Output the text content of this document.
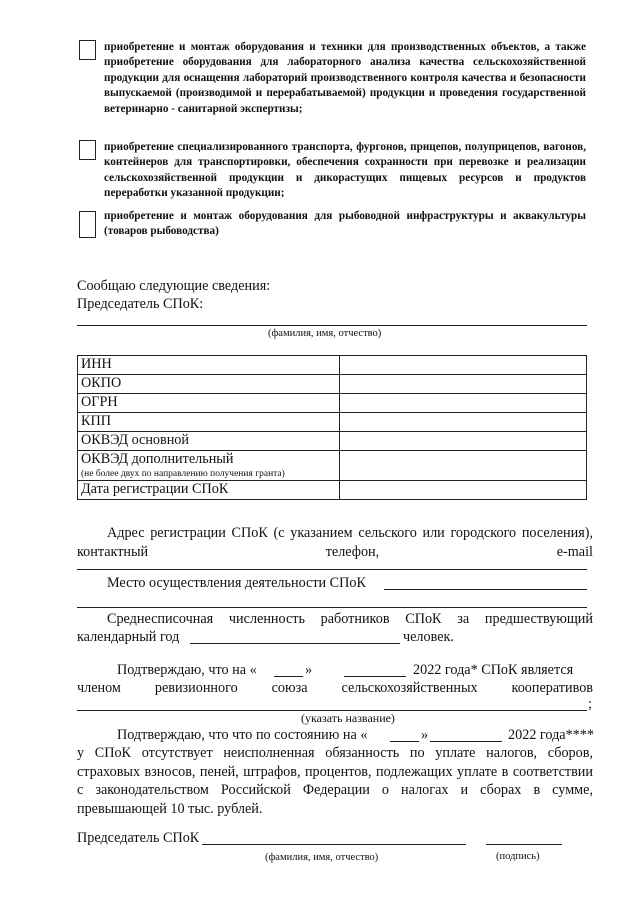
приобретение и монтаж оборудования и техники для производственных объектов, а также приобретение оборудования для лабораторного анализа качества сельскохозяйственной продукции для оснащения лабораторий производственного контроля качества и безопасности выпускаемой (производимой и перерабатываемой) продукции и проведения государственной ветеринарно - санитарной экспертизы;
приобретение специализированного транспорта, фургонов, прицепов, полуприцепов, вагонов, контейнеров для транспортировки, обеспечения сохранности при перевозке и реализации сельскохозяйственной продукции и дикорастущих пищевых ресурсов и продуктов переработки указанной продукции;
приобретение и монтаж оборудования для рыбоводной инфраструктуры и аквакультуры (товаров рыбоводства)
Сообщаю следующие сведения:
Председатель СПоК:
(фамилия, имя, отчество)
ИНН	
ОКПО	
ОГРН	
КПП	
ОКВЭД основной	

ОКВЭД дополнительный
(не более двух по направлению получения гранта)	

Дата регистрации СПоК	
Адрес регистрации СПоК (с указанием сельского или городского поселения), контактный телефон, e-mail
Место осуществления деятельности СПоК
Среднесписочная численность работников СПоК за предшествующий
календарный год	человек.
Подтверждаю, что на «	»	2022 года* СПоК является
членом ревизионного союза сельскохозяйственных кооперативов
;
(указать название)
Подтверждаю, что что по состоянию на «	»	2022 года****
у СПоК отсутствует неисполненная обязанность по уплате налогов, сборов, страховых взносов, пеней, штрафов, процентов, подлежащих уплате в соответствии с законодательством Российской Федерации о налогах и сборах в сумме, превышающей 10 тыс. рублей.
Председатель СПоК
(фамилия, имя, отчество)	(подпись)
